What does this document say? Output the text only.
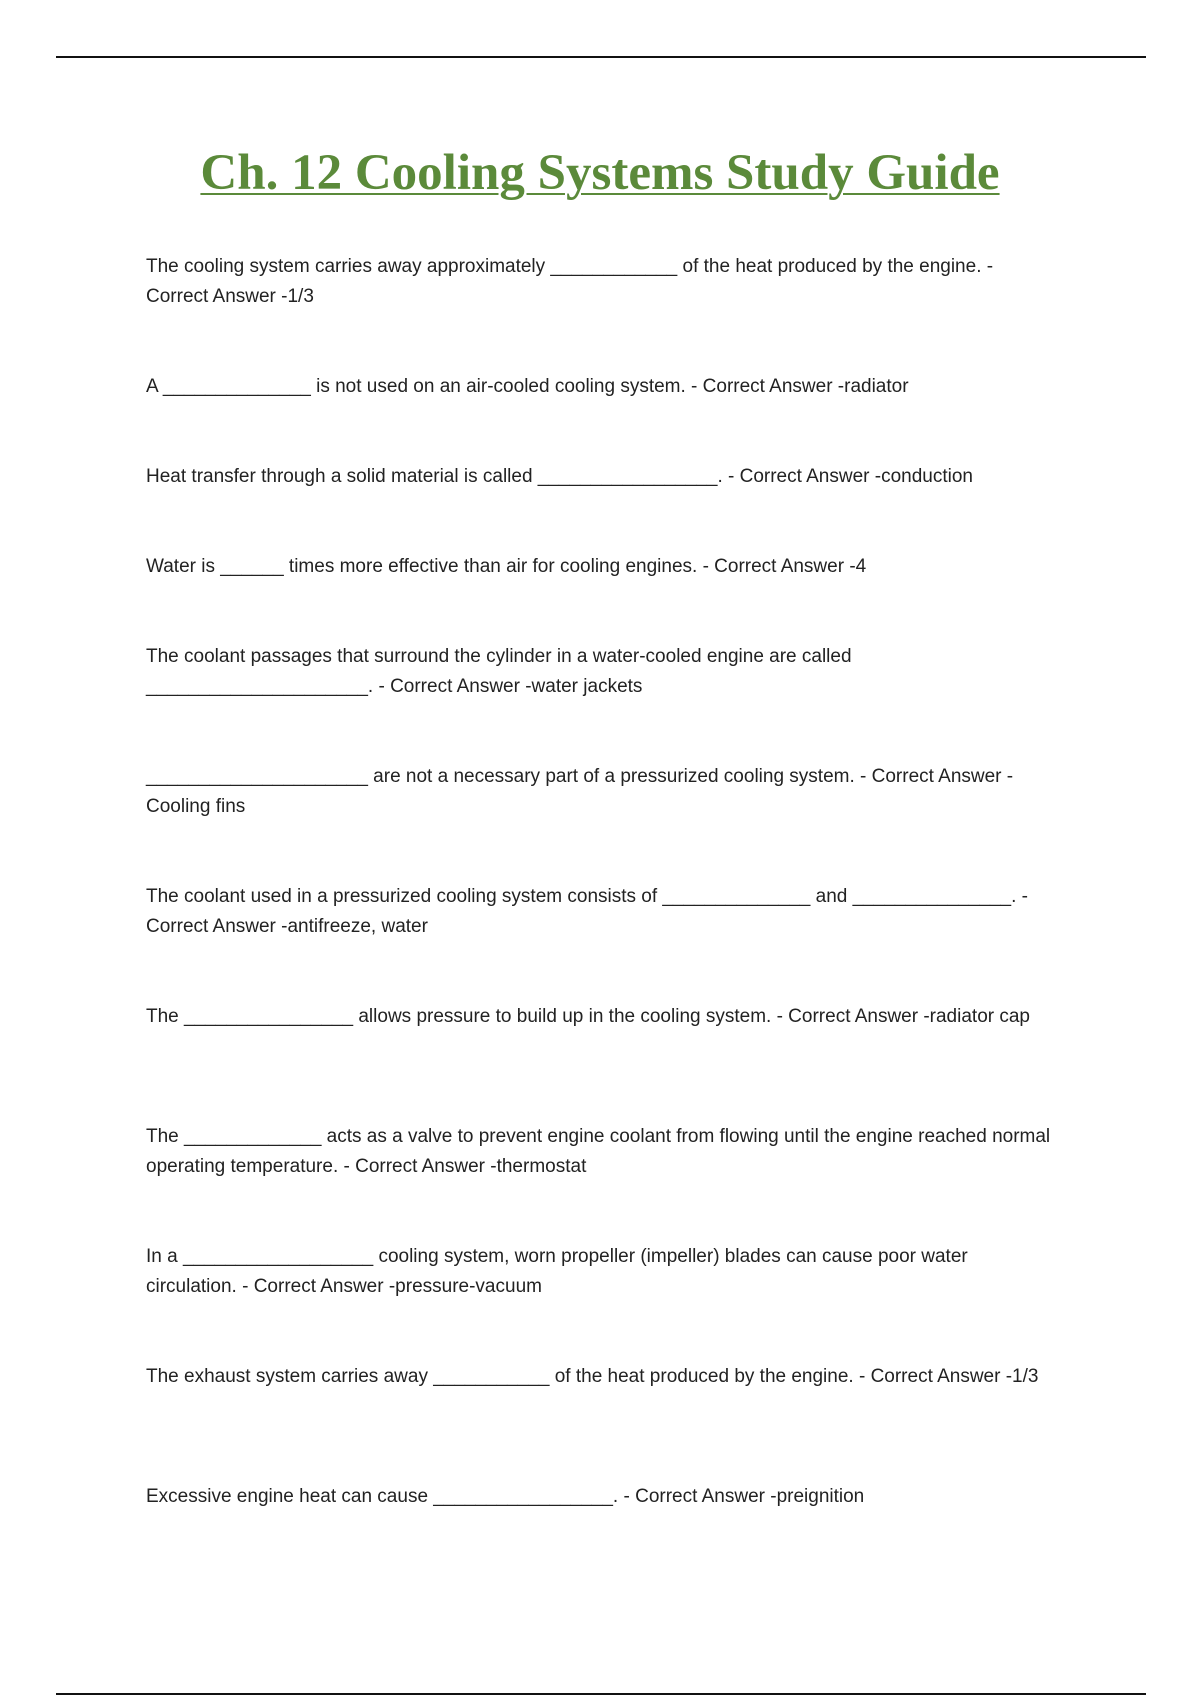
Ch. 12 Cooling Systems Study Guide

The cooling system carries away approximately ____________ of the heat produced by the engine. - Correct Answer -1/3

A ______________ is not used on an air-cooled cooling system. - Correct Answer -radiator

Heat transfer through a solid material is called _________________. - Correct Answer -conduction

Water is ______ times more effective than air for cooling engines. - Correct Answer -4

The coolant passages that surround the cylinder in a water-cooled engine are called _____________________. - Correct Answer -water jackets

_____________________ are not a necessary part of a pressurized cooling system. - Correct Answer -Cooling fins

The coolant used in a pressurized cooling system consists of ______________ and _______________. - Correct Answer -antifreeze, water

The ________________ allows pressure to build up in the cooling system. - Correct Answer -radiator cap

The _____________ acts as a valve to prevent engine coolant from flowing until the engine reached normal operating temperature. - Correct Answer -thermostat

In a __________________ cooling system, worn propeller (impeller) blades can cause poor water circulation. - Correct Answer -pressure-vacuum

The exhaust system carries away ___________ of the heat produced by the engine. - Correct Answer -1/3

Excessive engine heat can cause _________________. - Correct Answer -preignition
